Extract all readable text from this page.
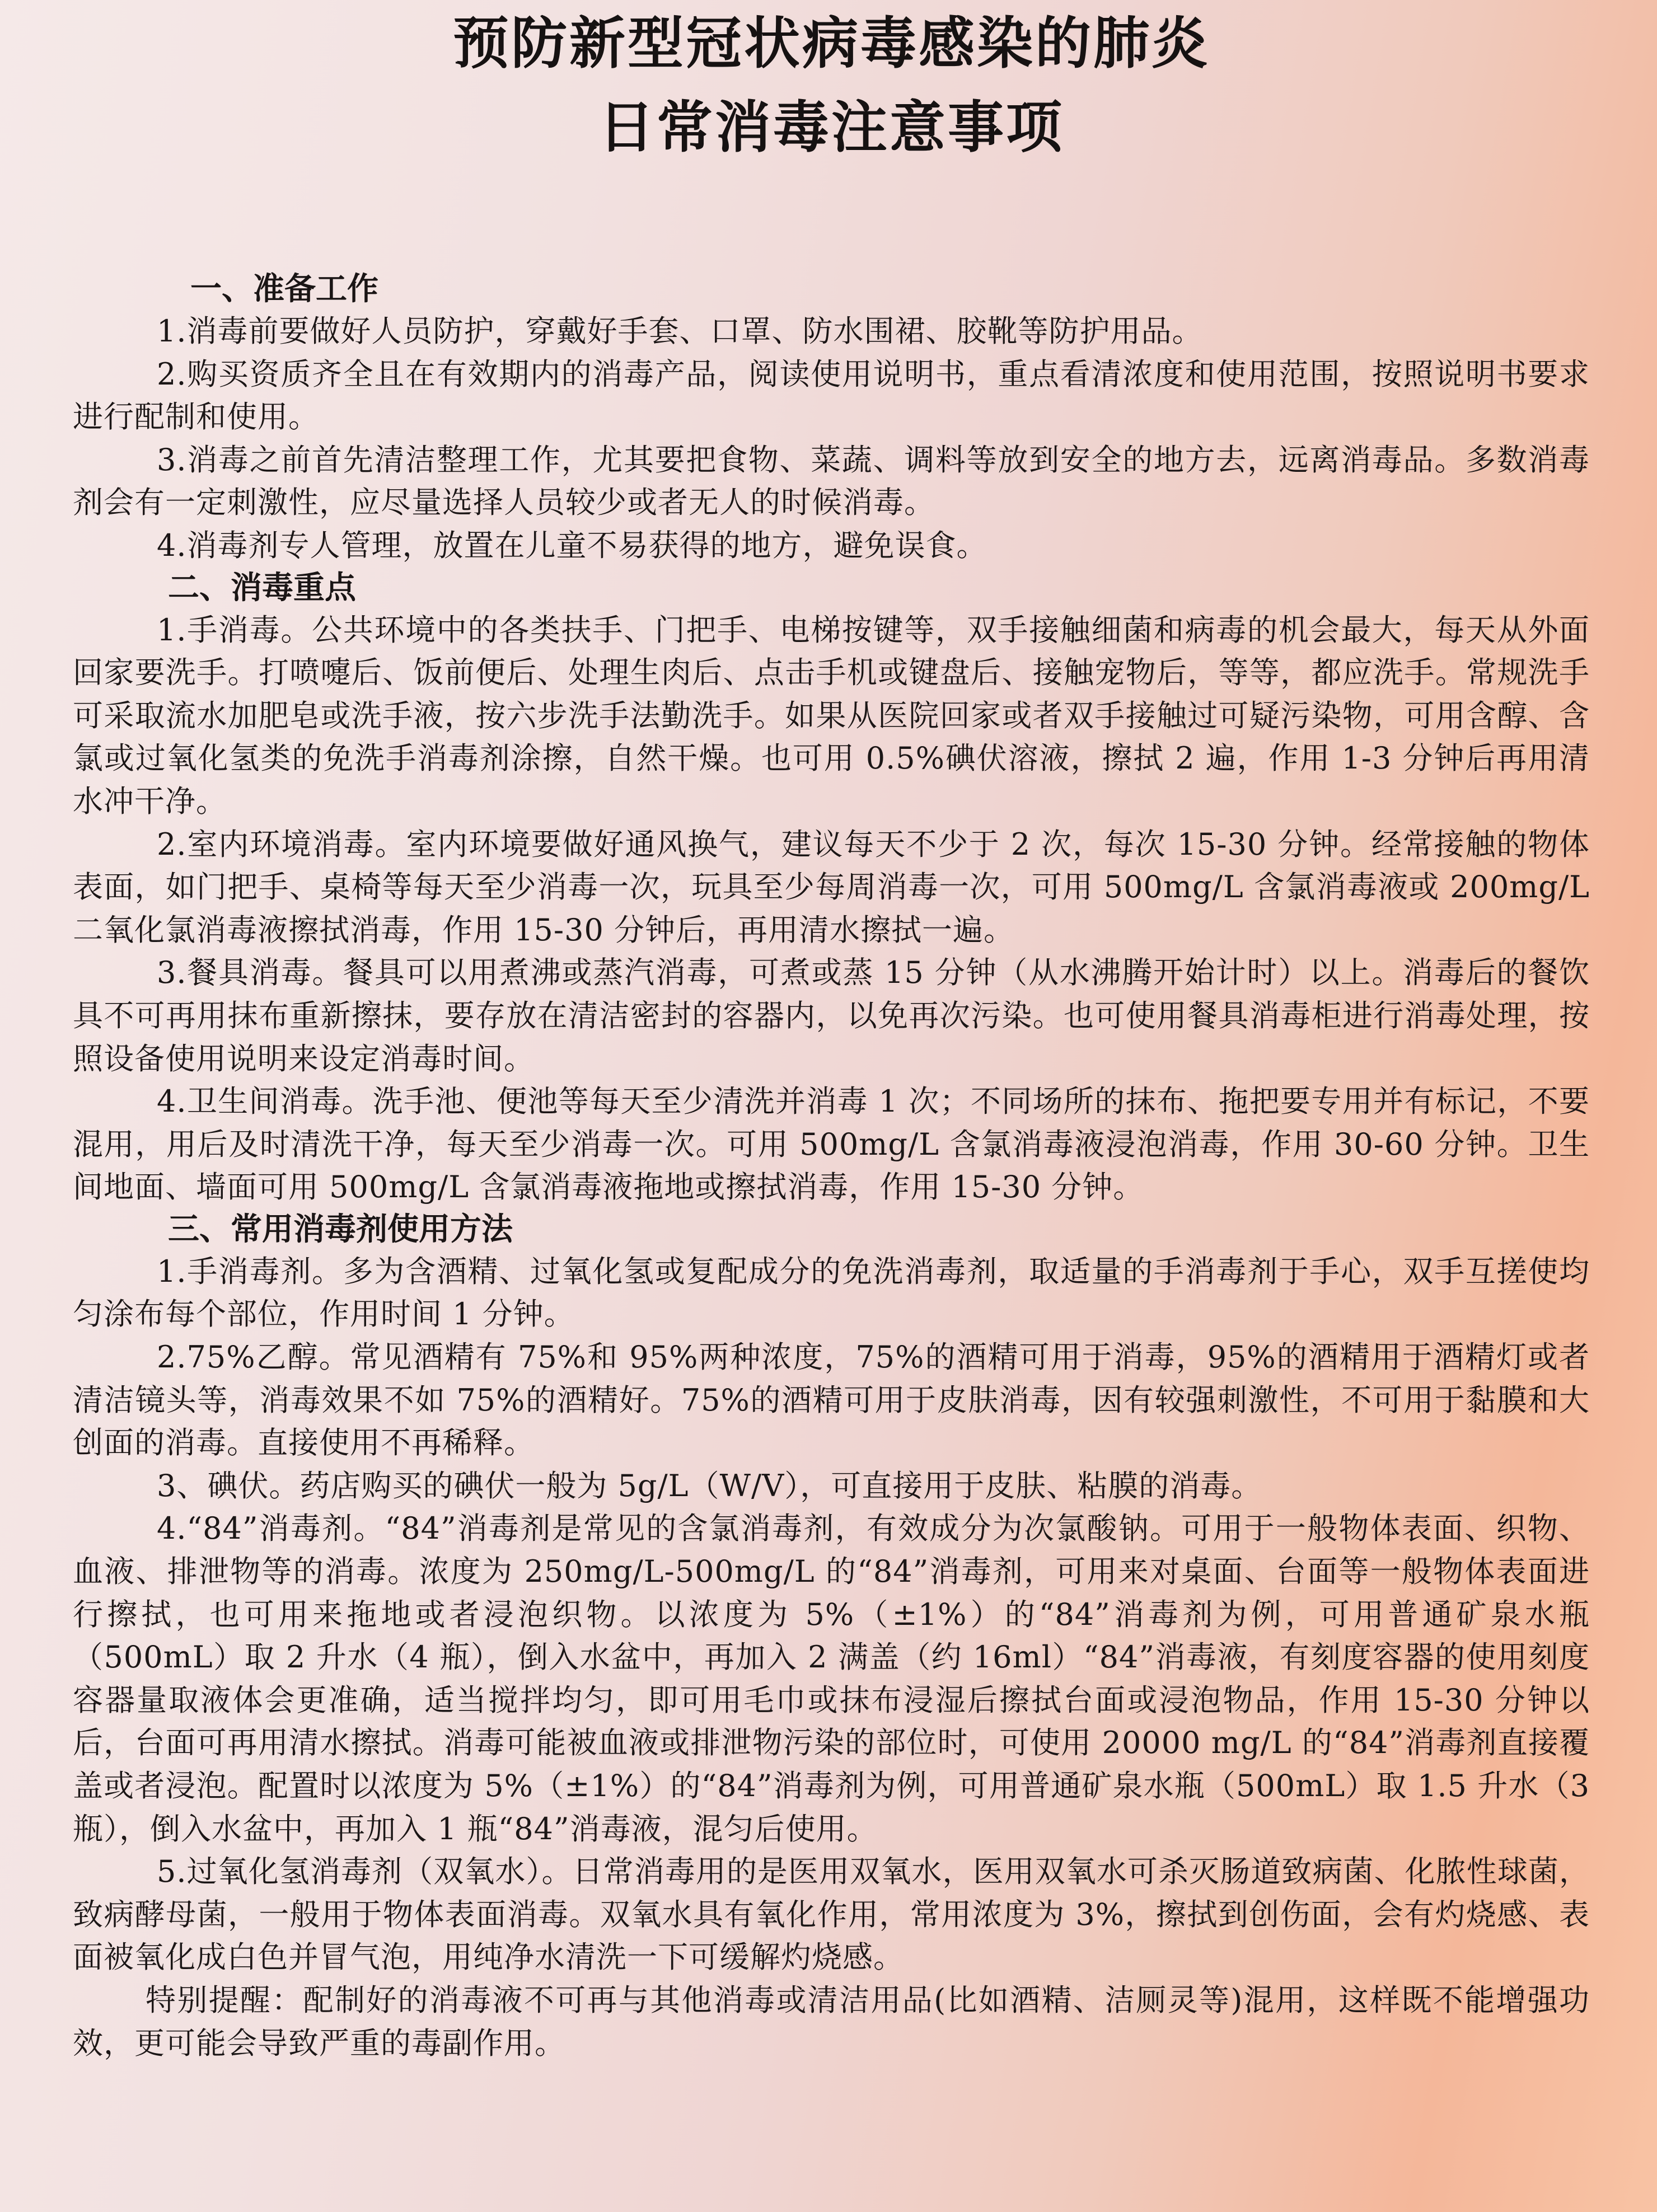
预防新型冠状病毒感染的肺炎
日常消毒注意事项
一、准备工作

1.消毒前要做好人员防护，穿戴好手套、口罩、防水围裙、胶靴等防护用品。

2.购买资质齐全且在有效期内的消毒产品，阅读使用说明书，重点看清浓度和使用范围，按照说明书要求进行配制和使用。

3.消毒之前首先清洁整理工作，尤其要把食物、菜蔬、调料等放到安全的地方去，远离消毒品。多数消毒剂会有一定刺激性，应尽量选择人员较少或者无人的时候消毒。

4.消毒剂专人管理，放置在儿童不易获得的地方，避免误食。

二、消毒重点

1.手消毒。公共环境中的各类扶手、门把手、电梯按键等，双手接触细菌和病毒的机会最大，每天从外面回家要洗手。打喷嚏后、饭前便后、处理生肉后、点击手机或键盘后、接触宠物后，等等，都应洗手。常规洗手可采取流水加肥皂或洗手液，按六步洗手法勤洗手。如果从医院回家或者双手接触过可疑污染物，可用含醇、含氯或过氧化氢类的免洗手消毒剂涂擦，自然干燥。也可用 0.5%碘伏溶液，擦拭 2 遍，作用 1-3 分钟后再用清水冲干净。

2.室内环境消毒。室内环境要做好通风换气，建议每天不少于 2 次，每次 15-30 分钟。经常接触的物体表面，如门把手、桌椅等每天至少消毒一次，玩具至少每周消毒一次，可用 500mg/L 含氯消毒液或 200mg/L 二氧化氯消毒液擦拭消毒，作用 15-30 分钟后，再用清水擦拭一遍。

3.餐具消毒。餐具可以用煮沸或蒸汽消毒，可煮或蒸 15 分钟（从水沸腾开始计时）以上。消毒后的餐饮具不可再用抹布重新擦抹，要存放在清洁密封的容器内，以免再次污染。也可使用餐具消毒柜进行消毒处理，按照设备使用说明来设定消毒时间。

4.卫生间消毒。洗手池、便池等每天至少清洗并消毒 1 次；不同场所的抹布、拖把要专用并有标记，不要混用，用后及时清洗干净，每天至少消毒一次。可用 500mg/L 含氯消毒液浸泡消毒，作用 30-60 分钟。卫生间地面、墙面可用 500mg/L 含氯消毒液拖地或擦拭消毒，作用 15-30 分钟。

三、常用消毒剂使用方法

1.手消毒剂。多为含酒精、过氧化氢或复配成分的免洗消毒剂，取适量的手消毒剂于手心，双手互搓使均匀涂布每个部位，作用时间 1 分钟。

2.75%乙醇。常见酒精有 75%和 95%两种浓度，75%的酒精可用于消毒，95%的酒精用于酒精灯或者清洁镜头等，消毒效果不如 75%的酒精好。75%的酒精可用于皮肤消毒，因有较强刺激性，不可用于黏膜和大创面的消毒。直接使用不再稀释。

3、碘伏。药店购买的碘伏一般为 5g/L（W/V），可直接用于皮肤、粘膜的消毒。

4.“84”消毒剂。“84”消毒剂是常见的含氯消毒剂，有效成分为次氯酸钠。可用于一般物体表面、织物、血液、排泄物等的消毒。浓度为 250mg/L-500mg/L 的“84”消毒剂，可用来对桌面、台面等一般物体表面进行擦拭，也可用来拖地或者浸泡织物。以浓度为 5%（±1%）的“84”消毒剂为例，可用普通矿泉水瓶（500mL）取 2 升水（4 瓶），倒入水盆中，再加入 2 满盖（约 16ml）“84”消毒液，有刻度容器的使用刻度容器量取液体会更准确，适当搅拌均匀，即可用毛巾或抹布浸湿后擦拭台面或浸泡物品，作用 15-30 分钟以后，台面可再用清水擦拭。消毒可能被血液或排泄物污染的部位时，可使用 20000 mg/L 的“84”消毒剂直接覆盖或者浸泡。配置时以浓度为 5%（±1%）的“84”消毒剂为例，可用普通矿泉水瓶（500mL）取 1.5 升水（3 瓶），倒入水盆中，再加入 1 瓶“84”消毒液，混匀后使用。

5.过氧化氢消毒剂（双氧水）。日常消毒用的是医用双氧水，医用双氧水可杀灭肠道致病菌、化脓性球菌，致病酵母菌，一般用于物体表面消毒。双氧水具有氧化作用，常用浓度为 3%，擦拭到创伤面，会有灼烧感、表面被氧化成白色并冒气泡，用纯净水清洗一下可缓解灼烧感。

特别提醒：配制好的消毒液不可再与其他消毒或清洁用品(比如酒精、洁厕灵等)混用，这样既不能增强功效，更可能会导致严重的毒副作用。
